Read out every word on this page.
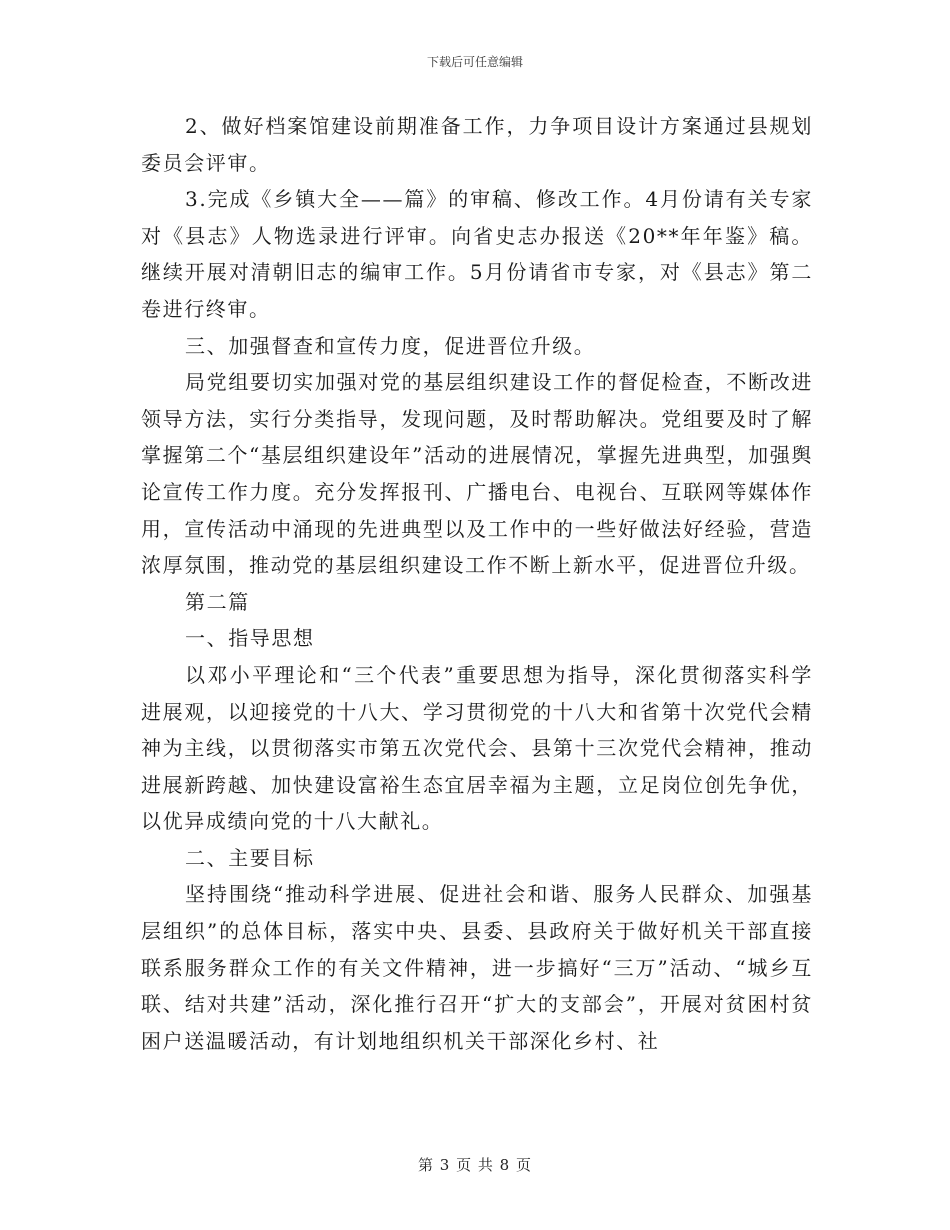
下载后可任意编辑

2、做好档案馆建设前期准备工作，力争项目设计方案通过县规划委员会评审。

3.完成《乡镇大全——篇》的审稿、修改工作。4月份请有关专家对《县志》人物选录进行评审。向省史志办报送《20**年年鉴》稿。继续开展对清朝旧志的编审工作。5月份请省市专家，对《县志》第二卷进行终审。

三、加强督查和宣传力度，促进晋位升级。

局党组要切实加强对党的基层组织建设工作的督促检查，不断改进领导方法，实行分类指导，发现问题，及时帮助解决。党组要及时了解掌握第二个“基层组织建设年”活动的进展情况，掌握先进典型，加强舆论宣传工作力度。充分发挥报刊、广播电台、电视台、互联网等媒体作用，宣传活动中涌现的先进典型以及工作中的一些好做法好经验，营造浓厚氛围，推动党的基层组织建设工作不断上新水平，促进晋位升级。

第二篇

一、指导思想

以邓小平理论和“三个代表”重要思想为指导，深化贯彻落实科学进展观，以迎接党的十八大、学习贯彻党的十八大和省第十次党代会精神为主线，以贯彻落实市第五次党代会、县第十三次党代会精神，推动进展新跨越、加快建设富裕生态宜居幸福为主题，立足岗位创先争优，以优异成绩向党的十八大献礼。

二、主要目标

坚持围绕“推动科学进展、促进社会和谐、服务人民群众、加强基层组织”的总体目标，落实中央、县委、县政府关于做好机关干部直接联系服务群众工作的有关文件精神，进一步搞好“三万”活动、“城乡互联、结对共建”活动，深化推行召开“扩大的支部会”，开展对贫困村贫困户送温暖活动，有计划地组织机关干部深化乡村、社

第 3 页 共 8 页
